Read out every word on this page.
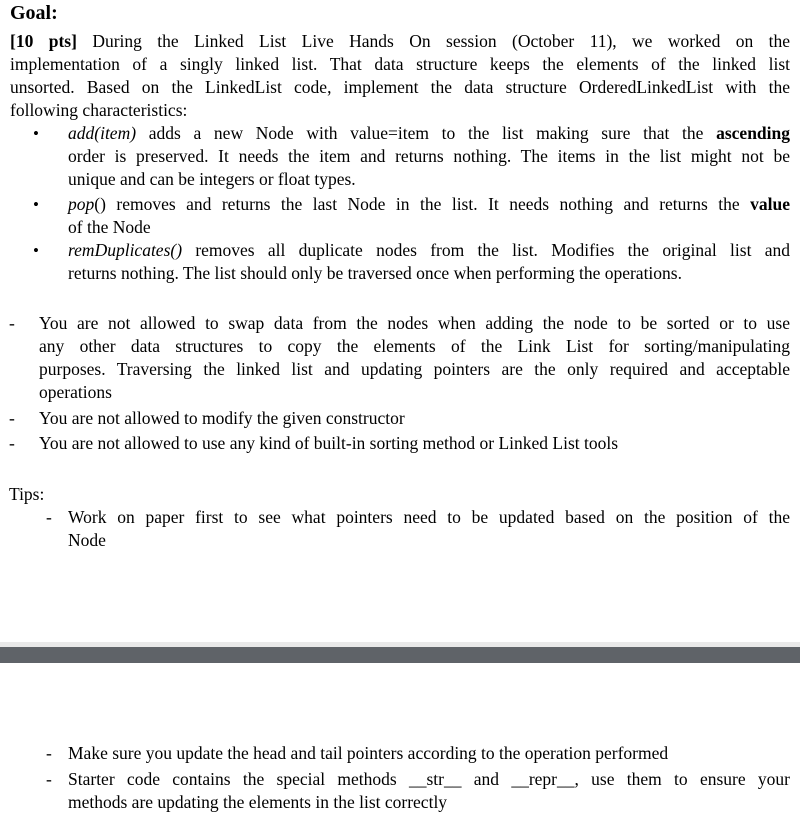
Goal:
[10 pts] During the Linked List Live Hands On session (October 11), we worked on the
implementation of a singly linked list. That data structure keeps the elements of the linked list
unsorted. Based on the LinkedList code, implement the data structure OrderedLinkedList with the
following characteristics:
• add(item) adds a new Node with value=item to the list making sure that the ascending
order is preserved. It needs the item and returns nothing. The items in the list might not be
unique and can be integers or float types.
• pop() removes and returns the last Node in the list. It needs nothing and returns the value
of the Node
• remDuplicates() removes all duplicate nodes from the list. Modifies the original list and
returns nothing. The list should only be traversed once when performing the operations.
- You are not allowed to swap data from the nodes when adding the node to be sorted or to use
any other data structures to copy the elements of the Link List for sorting/manipulating
purposes. Traversing the linked list and updating pointers are the only required and acceptable
operations
- You are not allowed to modify the given constructor
- You are not allowed to use any kind of built-in sorting method or Linked List tools
Tips:
- Work on paper first to see what pointers need to be updated based on the position of the
Node
- Make sure you update the head and tail pointers according to the operation performed
- Starter code contains the special methods __str__ and __repr__, use them to ensure your
methods are updating the elements in the list correctly
